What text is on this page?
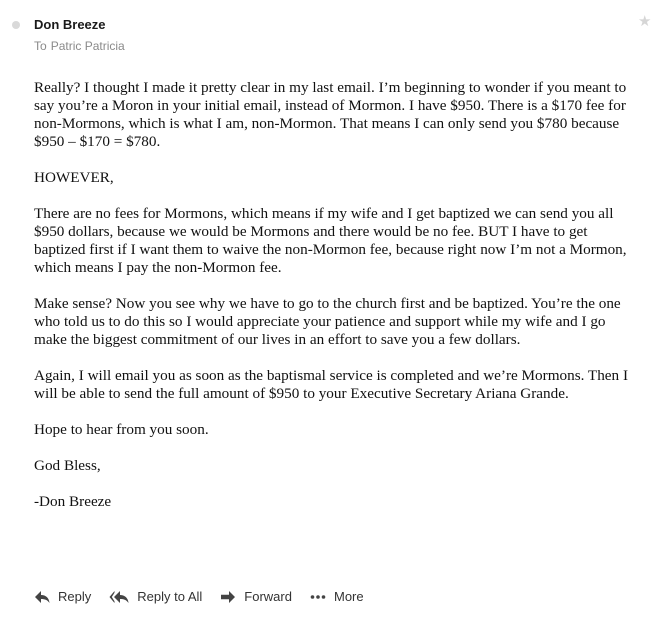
Don Breeze
To Patric Patricia
★

Really? I thought I made it pretty clear in my last email. I’m beginning to wonder if you meant to say you’re a Moron in your initial email, instead of Mormon. I have $950. There is a $170 fee for non-Mormons, which is what I am, non-Mormon. That means I can only send you $780 because $950 – $170 = $780.

HOWEVER,

There are no fees for Mormons, which means if my wife and I get baptized we can send you all $950 dollars, because we would be Mormons and there would be no fee. BUT I have to get baptized first if I want them to waive the non-Mormon fee, because right now I’m not a Mormon, which means I pay the non-Mormon fee.

Make sense? Now you see why we have to go to the church first and be baptized. You’re the one who told us to do this so I would appreciate your patience and support while my wife and I go make the biggest commitment of our lives in an effort to save you a few dollars.

Again, I will email you as soon as the baptismal service is completed and we’re Mormons. Then I will be able to send the full amount of $950 to your Executive Secretary Ariana Grande.

Hope to hear from you soon.

God Bless,

-Don Breeze

Reply	Reply to All	Forward	More
